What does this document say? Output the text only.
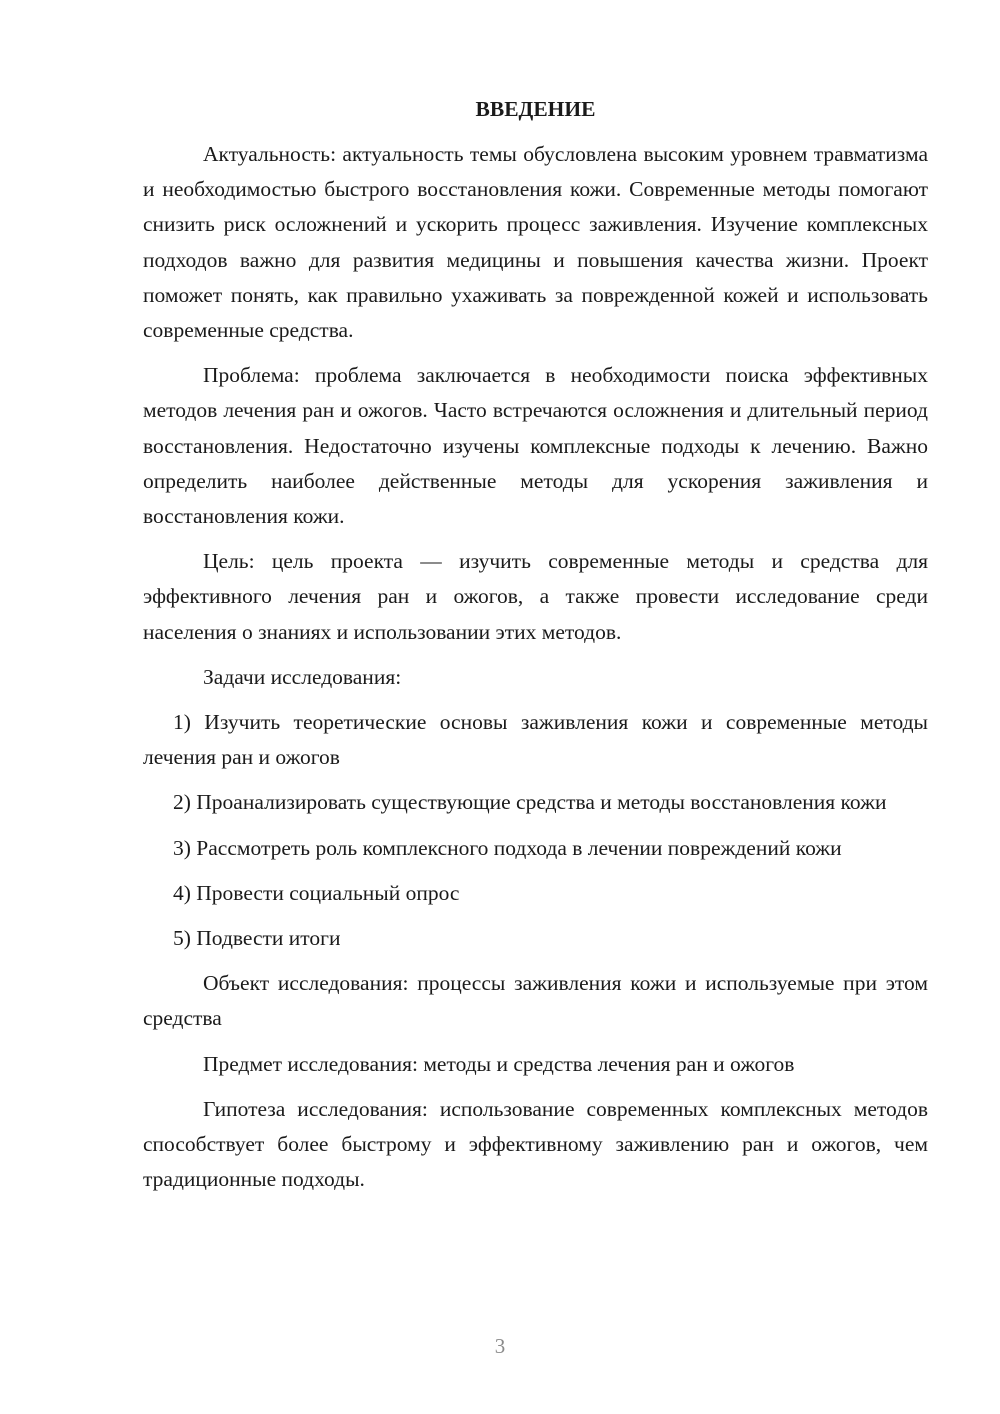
ВВЕДЕНИЕ

Актуальность: актуальность темы обусловлена высоким уровнем травматизма и необходимостью быстрого восстановления кожи. Современные методы помогают снизить риск осложнений и ускорить процесс заживления. Изучение комплексных подходов важно для развития медицины и повышения качества жизни. Проект поможет понять, как правильно ухаживать за поврежденной кожей и использовать современные средства.

Проблема: проблема заключается в необходимости поиска эффективных методов лечения ран и ожогов. Часто встречаются осложнения и длительный период восстановления. Недостаточно изучены комплексные подходы к лечению. Важно определить наиболее действенные методы для ускорения заживления и восстановления кожи.

Цель: цель проекта — изучить современные методы и средства для эффективного лечения ран и ожогов, а также провести исследование среди населения о знаниях и использовании этих методов.

Задачи исследования:

1) Изучить теоретические основы заживления кожи и современные методы лечения ран и ожогов

2) Проанализировать существующие средства и методы восстановления кожи

3) Рассмотреть роль комплексного подхода в лечении повреждений кожи

4) Провести социальный опрос

5) Подвести итоги

Объект исследования: процессы заживления кожи и используемые при этом средства

Предмет исследования: методы и средства лечения ран и ожогов

Гипотеза исследования: использование современных комплексных методов способствует более быстрому и эффективному заживлению ран и ожогов, чем традиционные подходы.

3
